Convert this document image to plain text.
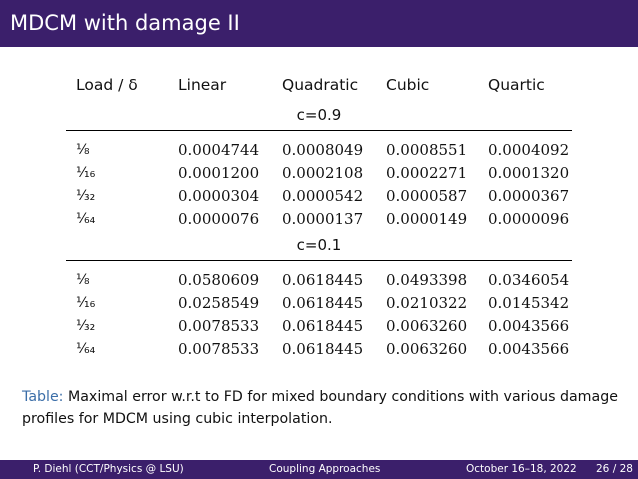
MDCM with damage II
Load / δ	Linear	Quadratic	Cubic	Quartic
c=0.9				

⅛	0.0004744	0.0008049	0.0008551	0.0004092
⅟₁₆	0.0001200	0.0002108	0.0002271	0.0001320
⅟₃₂	0.0000304	0.0000542	0.0000587	0.0000367
⅟₆₄	0.0000076	0.0000137	0.0000149	0.0000096
c=0.1				

⅛	0.0580609	0.0618445	0.0493398	0.0346054
⅟₁₆	0.0258549	0.0618445	0.0210322	0.0145342
⅟₃₂	0.0078533	0.0618445	0.0063260	0.0043566
⅟₆₄	0.0078533	0.0618445	0.0063260	0.0043566
Table: Maximal error w.r.t to FD for mixed boundary conditions with various damage profiles for MDCM using cubic interpolation.
P. Diehl (CCT/Physics @ LSU)	Coupling Approaches	October 16–18, 2022 26 / 28
